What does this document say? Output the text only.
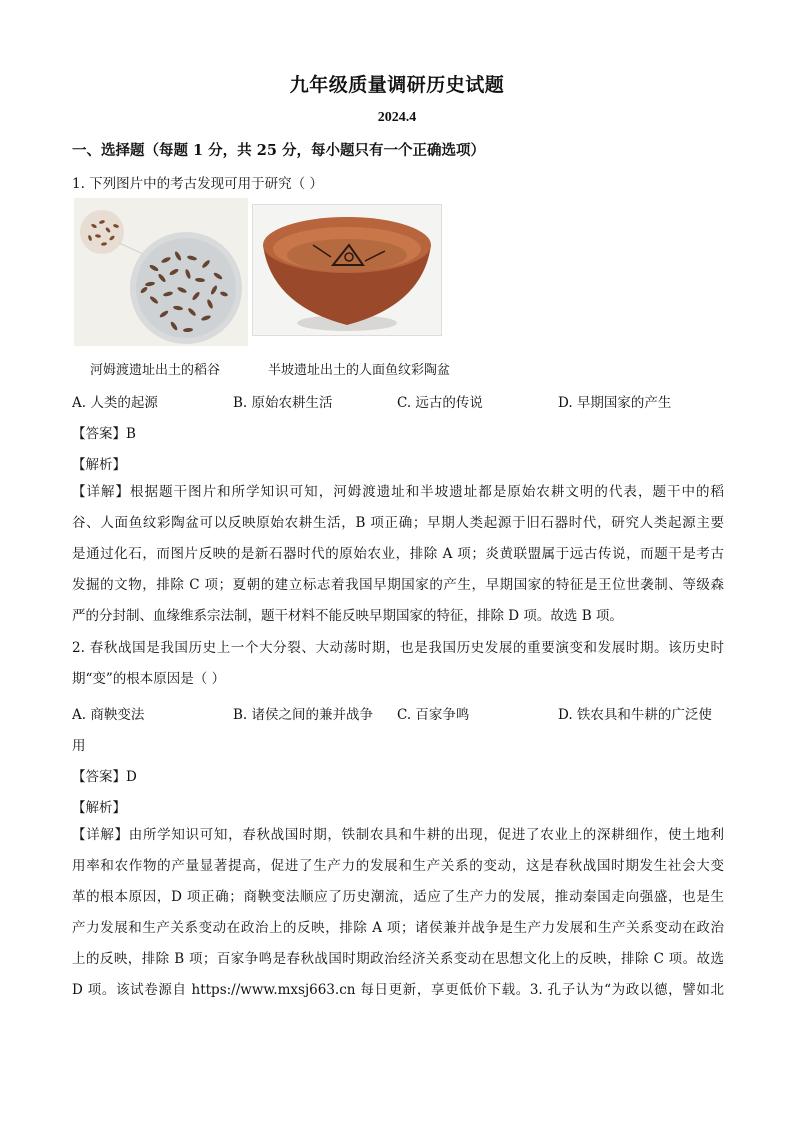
九年级质量调研历史试题
2024.4
一、选择题（每题 1 分，共 25 分，每小题只有一个正确选项）
1. 下列图片中的考古发现可用于研究（ ）
河姆渡遗址出土的稻谷	半坡遗址出土的人面鱼纹彩陶盆
A. 人类的起源	B. 原始农耕生活	C. 远古的传说	D. 早期国家的产生
【答案】B
【解析】
【详解】根据题干图片和所学知识可知，河姆渡遗址和半坡遗址都是原始农耕文明的代表，题干中的稻
谷、人面鱼纹彩陶盆可以反映原始农耕生活，B 项正确；早期人类起源于旧石器时代，研究人类起源主要
是通过化石，而图片反映的是新石器时代的原始农业，排除 A 项；炎黄联盟属于远古传说，而题干是考古
发掘的文物，排除 C 项；夏朝的建立标志着我国早期国家的产生，早期国家的特征是王位世袭制、等级森
严的分封制、血缘维系宗法制，题干材料不能反映早期国家的特征，排除 D 项。故选 B 项。
2. 春秋战国是我国历史上一个大分裂、大动荡时期，也是我国历史发展的重要演变和发展时期。该历史时
期“变”的根本原因是（ ）
A. 商鞅变法	B. 诸侯之间的兼并战争 C. 百家争鸣	D. 铁农具和牛耕的广泛使
用
【答案】D
【解析】
【详解】由所学知识可知，春秋战国时期，铁制农具和牛耕的出现，促进了农业上的深耕细作，使土地利
用率和农作物的产量显著提高，促进了生产力的发展和生产关系的变动，这是春秋战国时期发生社会大变
革的根本原因，D 项正确；商鞅变法顺应了历史潮流，适应了生产力的发展，推动秦国走向强盛，也是生
产力发展和生产关系变动在政治上的反映，排除 A 项；诸侯兼并战争是生产力发展和生产关系变动在政治
上的反映，排除 B 项；百家争鸣是春秋战国时期政治经济关系变动在思想文化上的反映，排除 C 项。故选
D 项。该试卷源自 https://www.mxsj663.cn 每日更新，享更低价下载。3. 孔子认为“为政以德，譬如北
